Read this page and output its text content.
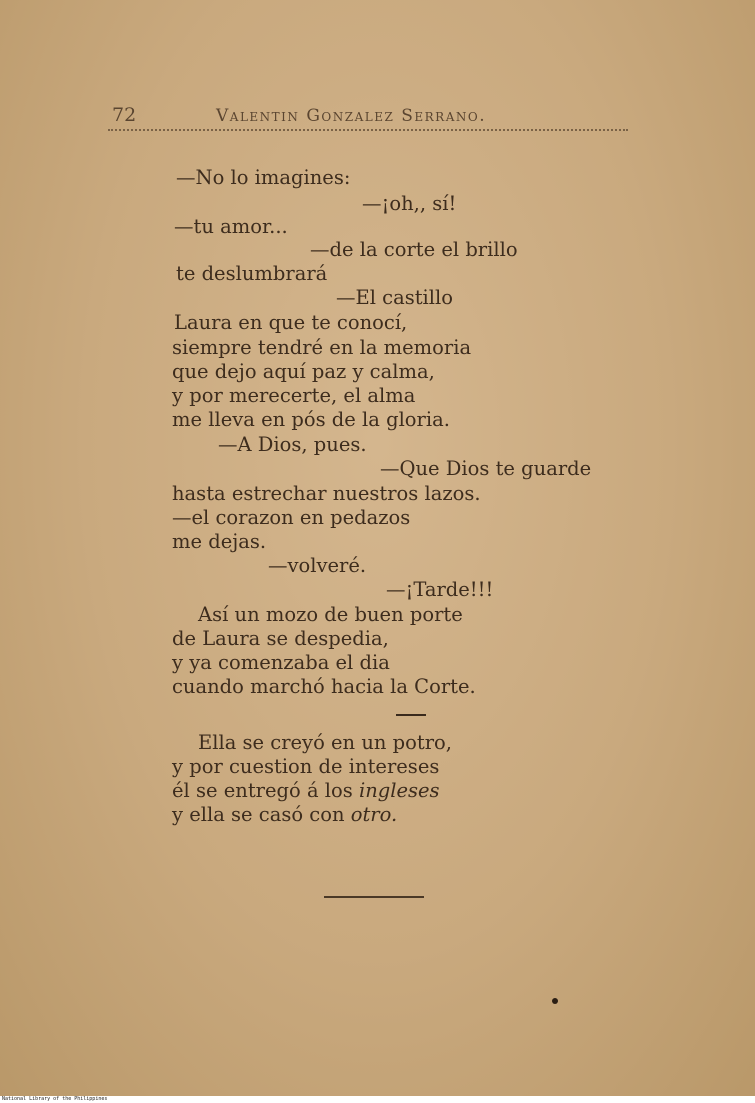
72	Valentin Gonzalez Serrano.
—No lo imagines:
—¡oh,, sí!
—tu amor...
—de la corte el brillo
te deslumbrará
—El castillo
Laura en que te conocí,
siempre tendré en la memoria
que dejo aquí paz y calma,
y por merecerte, el alma
me lleva en pós de la gloria.
—A Dios, pues.
—Que Dios te guarde
hasta estrechar nuestros lazos.
—el corazon en pedazos
me dejas.
—volveré.
—¡Tarde!!!
Así un mozo de buen porte
de Laura se despedia,
y ya comenzaba el dia
cuando marchó hacia la Corte.
Ella se creyó en un potro,
y por cuestion de intereses
él se entregó á los ingleses
y ella se casó con otro.
National Library of the Philippines
